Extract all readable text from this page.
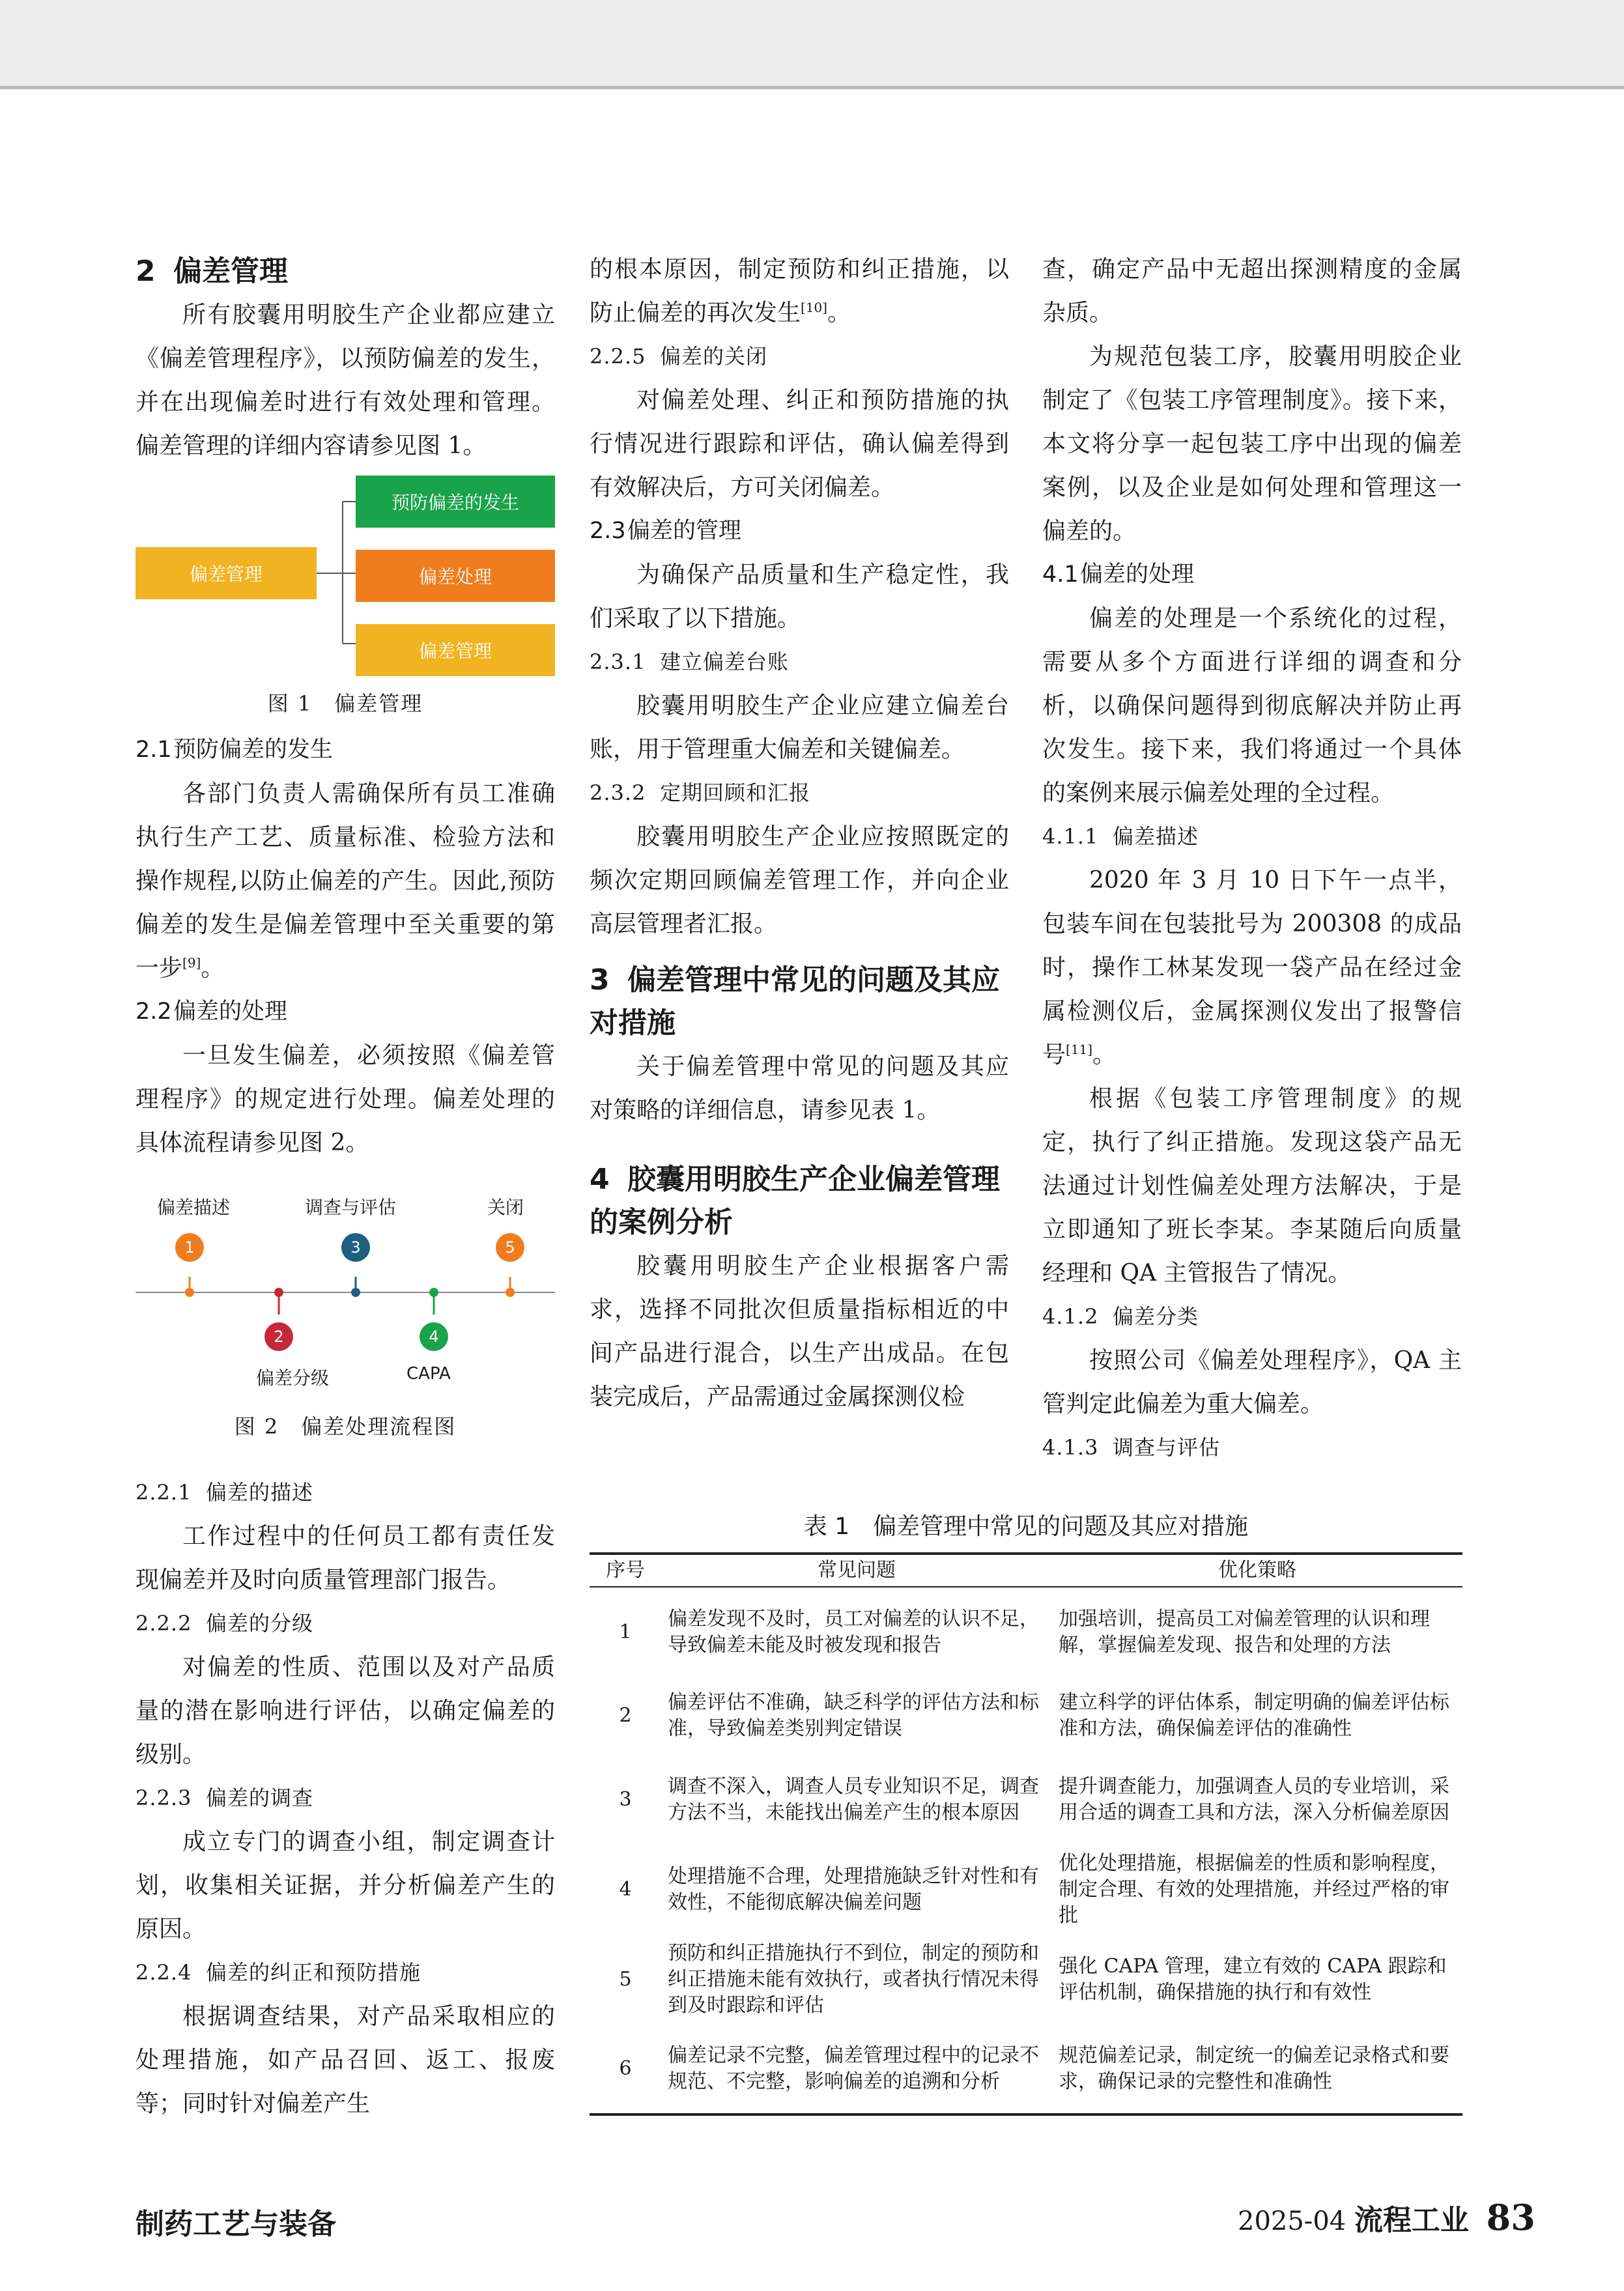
2 偏差管理

所有胶囊用明胶生产企业都应建立《偏差管理程序》，以预防偏差的发生，并在出现偏差时进行有效处理和管理。偏差管理的详细内容请参见图 1。

偏差管理
预防偏差的发生
偏差处理
偏差管理
图 1　偏差管理
2.1预防偏差的发生

各部门负责人需确保所有员工准确执行生产工艺、质量标准、检验方法和操作规程,以防止偏差的产生。因此,预防偏差的发生是偏差管理中至关重要的第一步[9]。

2.2偏差的处理

一旦发生偏差，必须按照《偏差管理程序》的规定进行处理。偏差处理的具体流程请参见图 2。

偏差描述
1
2
偏差分级
调查与评估
3
4
CAPA
关闭
5
图 2　偏差处理流程图
2.2.1 偏差的描述

工作过程中的任何员工都有责任发现偏差并及时向质量管理部门报告。

2.2.2 偏差的分级

对偏差的性质、范围以及对产品质量的潜在影响进行评估，以确定偏差的级别。

2.2.3 偏差的调查

成立专门的调查小组，制定调查计划，收集相关证据，并分析偏差产生的原因。

2.2.4 偏差的纠正和预防措施

根据调查结果，对产品采取相应的处理措施，如产品召回、返工、报废等；同时针对偏差产生

的根本原因，制定预防和纠正措施，以防止偏差的再次发生[10]。

2.2.5 偏差的关闭

对偏差处理、纠正和预防措施的执行情况进行跟踪和评估，确认偏差得到有效解决后，方可关闭偏差。

2.3偏差的管理

为确保产品质量和生产稳定性，我们采取了以下措施。

2.3.1 建立偏差台账

胶囊用明胶生产企业应建立偏差台账，用于管理重大偏差和关键偏差。

2.3.2 定期回顾和汇报

胶囊用明胶生产企业应按照既定的频次定期回顾偏差管理工作，并向企业高层管理者汇报。

3 偏差管理中常见的问题及其应对措施

关于偏差管理中常见的问题及其应对策略的详细信息，请参见表 1。

4 胶囊用明胶生产企业偏差管理的案例分析

胶囊用明胶生产企业根据客户需求，选择不同批次但质量指标相近的中间产品进行混合，以生产出成品。在包装完成后，产品需通过金属探测仪检

查，确定产品中无超出探测精度的金属杂质。

为规范包装工序，胶囊用明胶企业制定了《包装工序管理制度》。接下来，本文将分享一起包装工序中出现的偏差案例，以及企业是如何处理和管理这一偏差的。

4.1偏差的处理

偏差的处理是一个系统化的过程，需要从多个方面进行详细的调查和分析，以确保问题得到彻底解决并防止再次发生。接下来，我们将通过一个具体的案例来展示偏差处理的全过程。

4.1.1 偏差描述

2020 年 3 月 10 日下午一点半，包装车间在包装批号为 200308 的成品时，操作工林某发现一袋产品在经过金属检测仪后，金属探测仪发出了报警信号[11]。

根据《包装工序管理制度》的规定，执行了纠正措施。发现这袋产品无法通过计划性偏差处理方法解决，于是立即通知了班长李某。李某随后向质量经理和 QA 主管报告了情况。

4.1.2 偏差分类

按照公司《偏差处理程序》，QA 主管判定此偏差为重大偏差。

4.1.3 调查与评估
表 1　偏差管理中常见的问题及其应对措施
序号	常见问题	优化策略
1	偏差发现不及时，员工对偏差的认识不足，导致偏差未能及时被发现和报告	加强培训，提高员工对偏差管理的认识和理解，掌握偏差发现、报告和处理的方法
2	偏差评估不准确，缺乏科学的评估方法和标准，导致偏差类别判定错误	建立科学的评估体系，制定明确的偏差评估标准和方法，确保偏差评估的准确性
3	调查不深入，调查人员专业知识不足，调查方法不当，未能找出偏差产生的根本原因	提升调查能力，加强调查人员的专业培训，采用合适的调查工具和方法，深入分析偏差原因
4	处理措施不合理，处理措施缺乏针对性和有效性，不能彻底解决偏差问题	优化处理措施，根据偏差的性质和影响程度，制定合理、有效的处理措施，并经过严格的审批
5	预防和纠正措施执行不到位，制定的预防和纠正措施未能有效执行，或者执行情况未得到及时跟踪和评估	强化 CAPA 管理，建立有效的 CAPA 跟踪和评估机制，确保措施的执行和有效性
6	偏差记录不完整，偏差管理过程中的记录不规范、不完整，影响偏差的追溯和分析	规范偏差记录，制定统一的偏差记录格式和要求，确保记录的完整性和准确性
制药工艺与装备	2025-04 流程工业 83
